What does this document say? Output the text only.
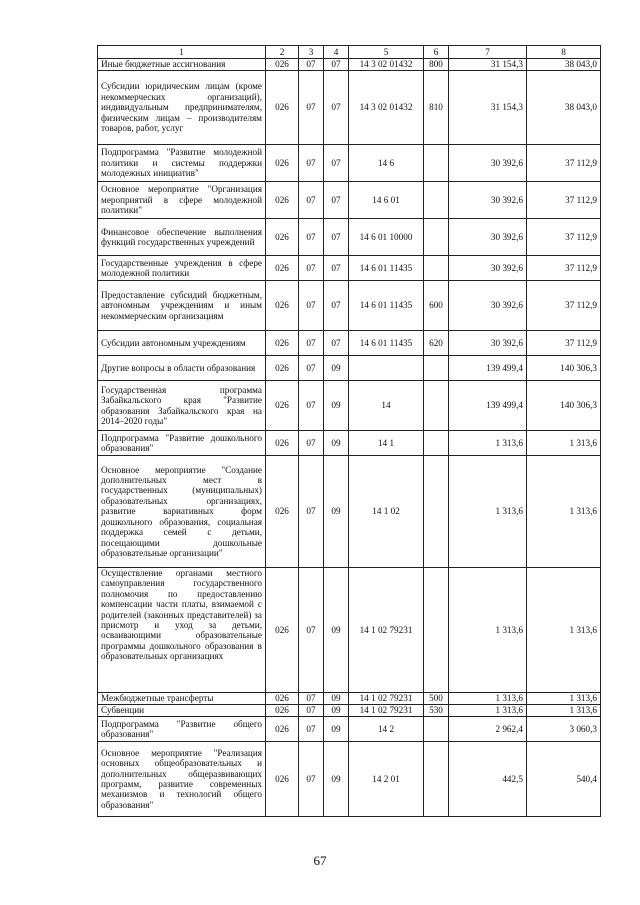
1	2	3	4	5	6	7	8
Иные бюджетные ассигнования	026	07	07	14 3 02 01432	800	31 154,3	38 043,0
Субсидии юридическим лицам (кроме некоммерческих организаций), индивидуальным предпринимателям, физическим лицам – производителям товаров, работ, услуг	026	07	07	14 3 02 01432	810	31 154,3	38 043,0
Подпрограмма "Развитие молодежной политики и системы поддержки молодежных инициатив"	026	07	07	14 6		30 392,6	37 112,9
Основное мероприятие "Организация мероприятий в сфере молодежной политики"	026	07	07	14 6 01		30 392,6	37 112,9
Финансовое обеспечение выполнения функций государственных учреждений	026	07	07	14 6 01 10000		30 392,6	37 112,9
Государственные учреждения в сфере молодежной политики	026	07	07	14 6 01 11435		30 392,6	37 112,9
Предоставление субсидий бюджетным, автономным учреждениям и иным некоммерческим организациям	026	07	07	14 6 01 11435	600	30 392,6	37 112,9
Субсидии автономным учреждениям	026	07	07	14 6 01 11435	620	30 392,6	37 112,9
Другие вопросы в области образования	026	07	09			139 499,4	140 306,3
Государственная программа Забайкальского края "Развитие образования Забайкальского края на 2014–2020 годы"	026	07	09	14		139 499,4	140 306,3
Подпрограмма "Развитие дошкольного образования"	026	07	09	14 1		1 313,6	1 313,6
Основное мероприятие "Создание дополнительных мест в государственных (муниципальных) образовательных организациях, развитие вариативных форм дошкольного образования, социальная поддержка семей с детьми, посещающими дошкольные образовательные организации"	026	07	09	14 1 02		1 313,6	1 313,6
Осуществление органами местного самоуправления государственного полномочия по предоставлению компенсации части платы, взимаемой с родителей (законных представителей) за присмотр и уход за детьми, осваивающими образовательные программы дошкольного образования в образовательных организациях	026	07	09	14 1 02 79231		1 313,6	1 313,6
Межбюджетные трансферты	026	07	09	14 1 02 79231	500	1 313,6	1 313,6
Субвенции	026	07	09	14 1 02 79231	530	1 313,6	1 313,6
Подпрограмма "Развитие общего образования"	026	07	09	14 2		2 962,4	3 060,3
Основное мероприятие "Реализация основных общеобразовательных и дополнительных общеразвивающих программ, развитие современных механизмов и технологий общего образования"	026	07	09	14 2 01		442,5	540,4
67
